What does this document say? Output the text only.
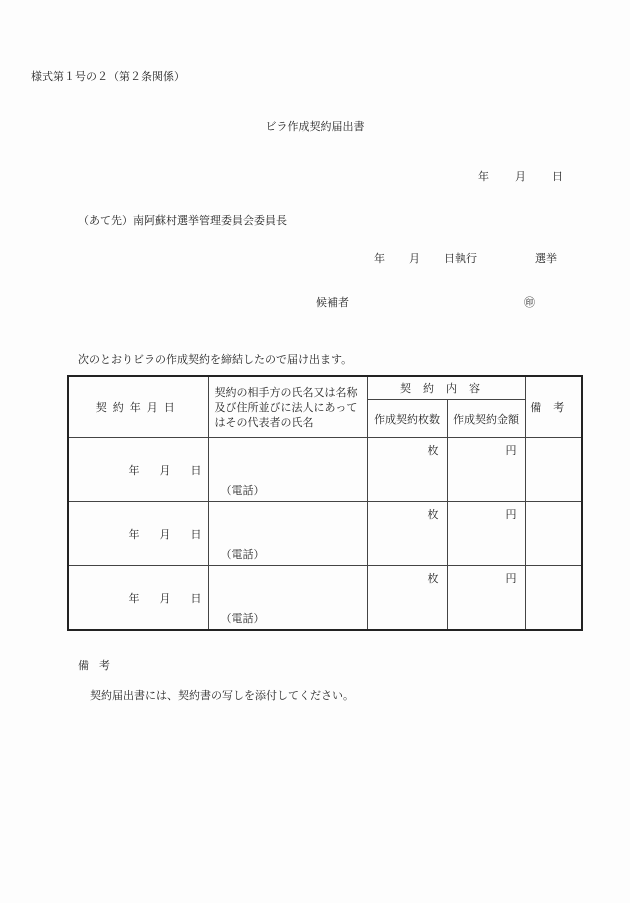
様式第１号の２（第２条関係）
ビラ作成契約届出書
年 月 日
（あて先）南阿蘇村選挙管理委員会委員長
年 月 日執行	選挙
候補者	㊞
次のとおりビラの作成契約を締結したので届け出ます。
契約年月日	契約の相手方の氏名又は名称及び住所並びに法人にあってはその代表者の氏名	契約内容		備考
		作成契約枚数	作成契約金額	
年 月 日	（電話）	枚	円	

年 月 日	（電話）	枚	円	

年 月 日	（電話）	枚	円	

備考
契約届出書には、契約書の写しを添付してください。
